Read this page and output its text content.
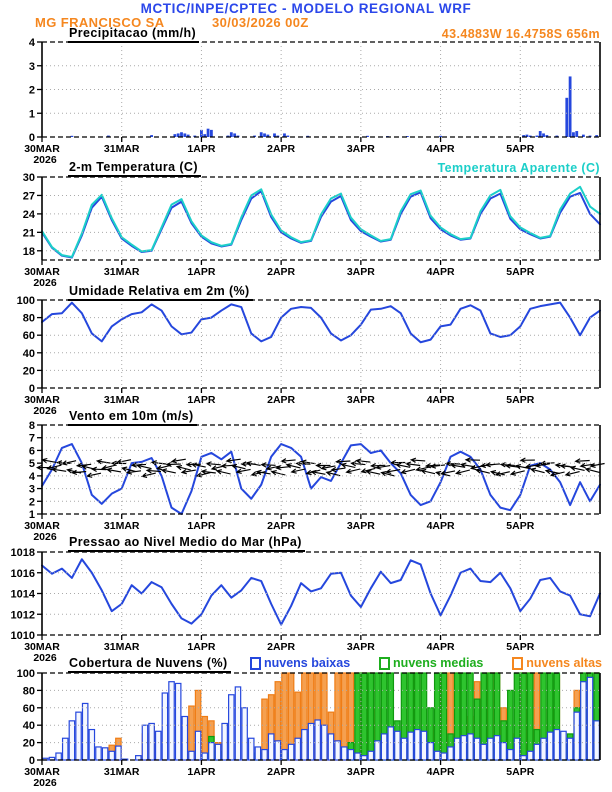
MCTIC/INPE/CPTEC - MODELO REGIONAL WRF
MG FRANCISCO SA	30/03/2026 00Z
30MAR
2026
31MAR	1APR	2APR	3APR	4APR	5APR
0
1
2
3
4
30MAR
2026
31MAR	1APR	2APR	3APR	4APR	5APR
18
21
24
27
30
30MAR
2026
31MAR	1APR	2APR	3APR	4APR	5APR
0
20
40
60
80
100
30MAR
2026
31MAR	1APR	2APR	3APR	4APR	5APR
1
2
3
4
5
6
7
8
30MAR
2026
31MAR	1APR	2APR	3APR	4APR	5APR
1010
1012
1014
1016
1018
30MAR
2026
31MAR	1APR	2APR	3APR	4APR	5APR
0
20
40
60
80
100
Precipitacao (mm/h)	43.4883W 16.4758S 656m
2-m Temperatura (C)	Temperatura Aparente (C)
Umidade Relativa em 2m (%)
Vento em 10m (m/s)
Pressao ao Nivel Medio do Mar (hPa)
Cobertura de Nuvens (%)	nuvens baixas	nuvens medias	nuvens altas
